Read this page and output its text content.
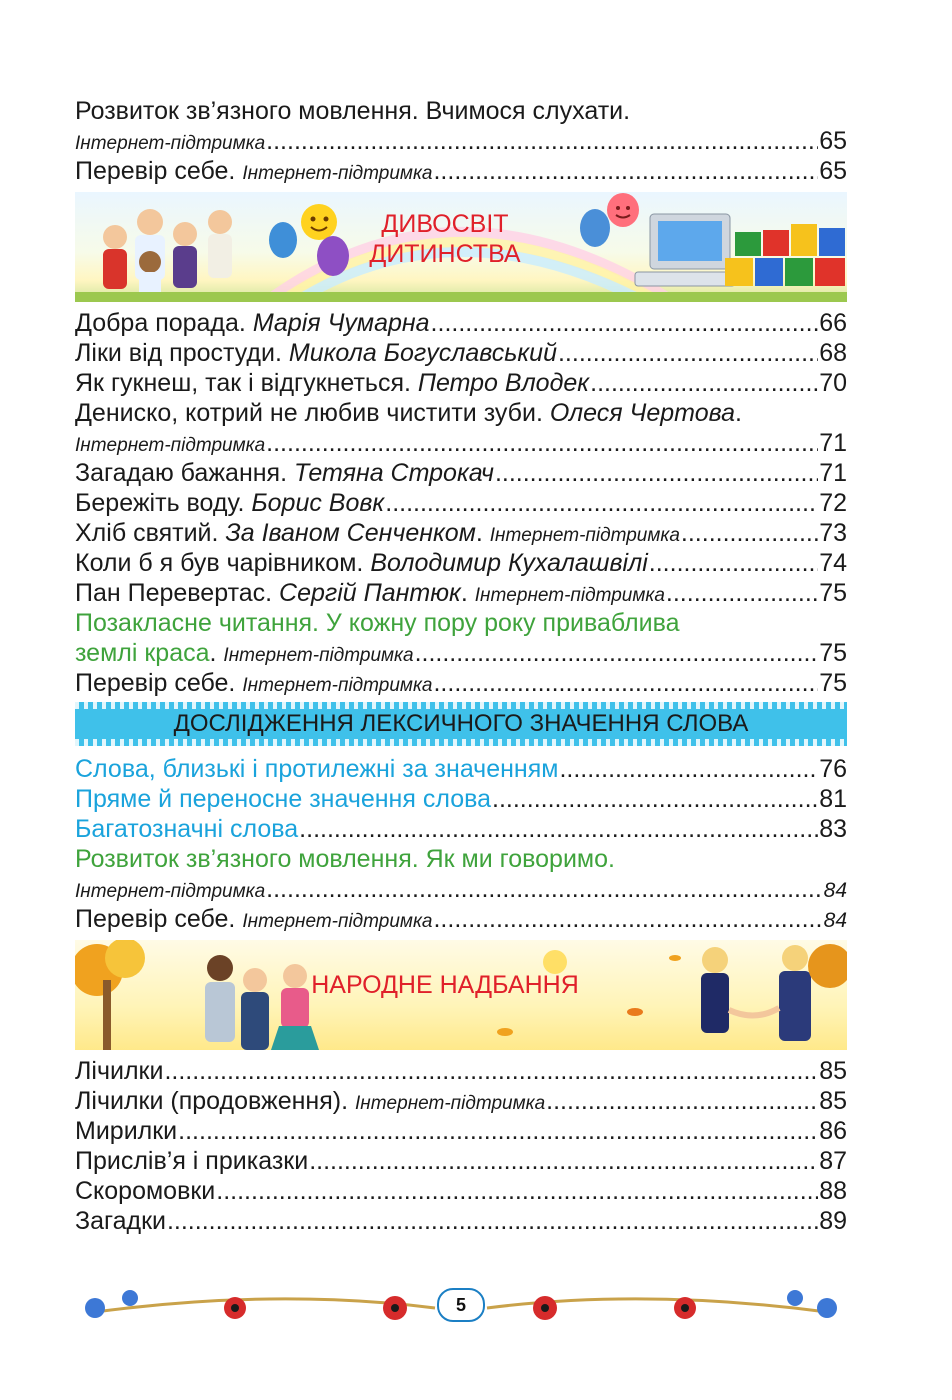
Розвиток зв’язного мовлення. Вчимося слухати.
Інтернет-підтримка .....	65
Перевір себе. Інтернет-підтримка .....	65
ДИВОСВІТ
ДИТИНСТВА
Добра порада. Марія Чумарна .....	66
Ліки від простуди. Микола Богуславський .....	68
Як гукнеш, так і відгукнеться. Петро Влодек .....	70
Дениско, котрий не любив чистити зуби. Олеся Чертова.
Інтернет-підтримка .....	71
Загадаю бажання. Тетяна Строкач .....	71
Бережіть воду. Борис Вовк .....	72
Хліб святий. За Іваном Сенченком. Інтернет-підтримка .....	73
Коли б я був чарівником. Володимир Кухалашвілі .....	74
Пан Перевертас. Сергій Пантюк. Інтернет-підтримка .....	75
Позакласне читання. У кожну пору року приваблива
землі краса. Інтернет-підтримка .....	75
Перевір себе. Інтернет-підтримка .....	75
ДОСЛІДЖЕННЯ ЛЕКСИЧНОГО ЗНАЧЕННЯ СЛОВА
Слова, близькі і протилежні за значенням .....	76
Пряме й переносне значення слова .....	81
Багатозначні слова .....	83
Розвиток зв’язного мовлення. Як ми говоримо.
Інтернет-підтримка .....	84
Перевір себе. Інтернет-підтримка .....	84
НАРОДНЕ НАДБАННЯ
Лічилки .....	85
Лічилки (продовження). Інтернет-підтримка .....	85
Мирилки .....	86
Прислів’я і приказки .....	87
Скоромовки .....	88
Загадки .....	89
5
